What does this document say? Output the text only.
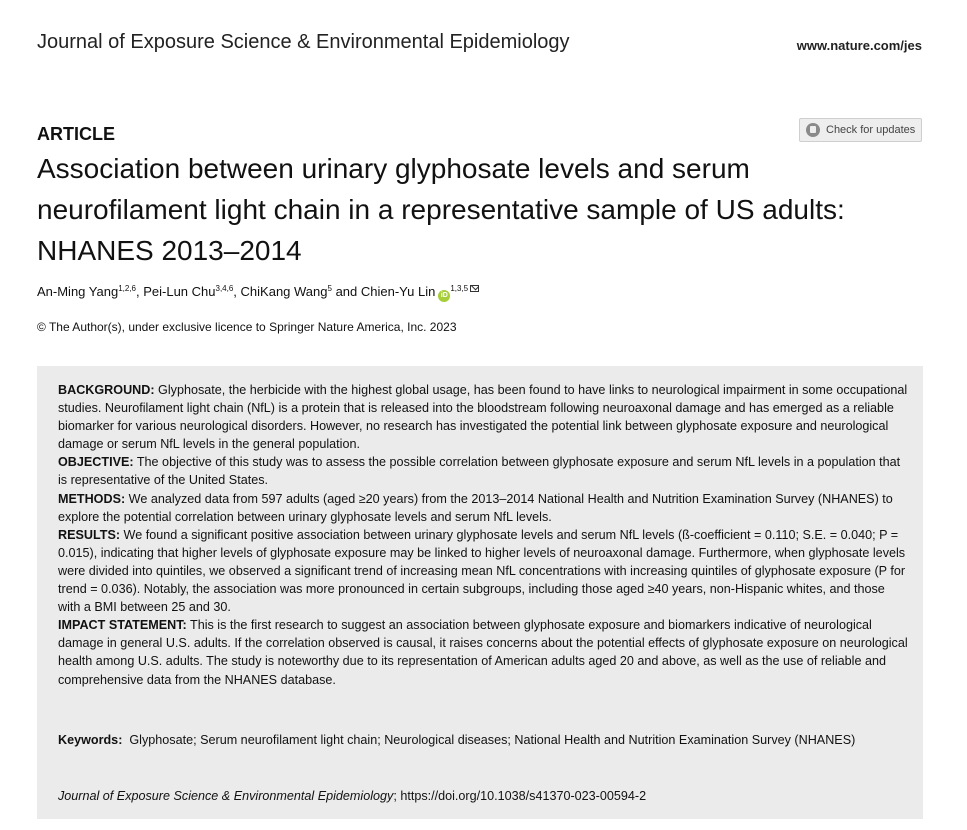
Journal of Exposure Science & Environmental Epidemiology	www.nature.com/jes
ARTICLE	Check for updates
Association between urinary glyphosate levels and serum neurofilament light chain in a representative sample of US adults: NHANES 2013–2014
An-Ming Yang$^{1,2,6}$, Pei-Lun Chu$^{3,4,6}$, ChiKang Wang$^5$ and Chien-Yu Lin iD$^{1,3,5}$
© The Author(s), under exclusive licence to Springer Nature America, Inc. 2023

BACKGROUND: Glyphosate, the herbicide with the highest global usage, has been found to have links to neurological impairment in some occupational studies. Neurofilament light chain (NfL) is a protein that is released into the bloodstream following neuroaxonal damage and has emerged as a reliable biomarker for various neurological disorders. However, no research has investigated the potential link between glyphosate exposure and neurological damage or serum NfL levels in the general population.

OBJECTIVE: The objective of this study was to assess the possible correlation between glyphosate exposure and serum NfL levels in a population that is representative of the United States.

METHODS: We analyzed data from 597 adults (aged ≥20 years) from the 2013–2014 National Health and Nutrition Examination Survey (NHANES) to explore the potential correlation between urinary glyphosate levels and serum NfL levels.

RESULTS: We found a significant positive association between urinary glyphosate levels and serum NfL levels (ß-coefficient = 0.110; S.E. = 0.040; P = 0.015), indicating that higher levels of glyphosate exposure may be linked to higher levels of neuroaxonal damage. Furthermore, when glyphosate levels were divided into quintiles, we observed a significant trend of increasing mean NfL concentrations with increasing quintiles of glyphosate exposure (P for trend = 0.036). Notably, the association was more pronounced in certain subgroups, including those aged ≥40 years, non-Hispanic whites, and those with a BMI between 25 and 30.

IMPACT STATEMENT: This is the first research to suggest an association between glyphosate exposure and biomarkers indicative of neurological damage in general U.S. adults. If the correlation observed is causal, it raises concerns about the potential effects of glyphosate exposure on neurological health among U.S. adults. The study is noteworthy due to its representation of American adults aged 20 and above, as well as the use of reliable and comprehensive data from the NHANES database.

Keywords: Glyphosate; Serum neurofilament light chain; Neurological diseases; National Health and Nutrition Examination Survey (NHANES)
Journal of Exposure Science & Environmental Epidemiology; https://doi.org/10.1038/s41370-023-00594-2
